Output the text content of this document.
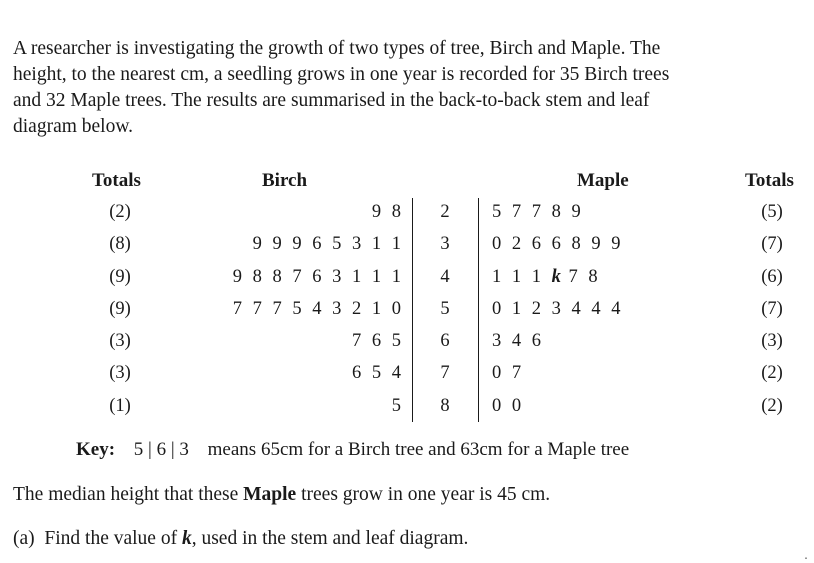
A researcher is investigating the growth of two types of tree, Birch and Maple. The
height, to the nearest cm, a seedling grows in one year is recorded for 35 Birch trees
and 32 Maple trees. The results are summarised in the back-to-back stem and leaf
diagram below.
Totals	Birch	Maple	Totals
(2)	9 8	2	5 7 7 8 9	(5)
(8)	9 9 9 6 5 3 1 1	3	0 2 6 6 8 9 9	(7)
(9)	9 8 8 7 6 3 1 1 1	4	1 1 1 k 7 8	(6)
(9)	7 7 7 5 4 3 2 1 0	5	0 1 2 3 4 4 4	(7)
(3)	7 6 5	6	3 4 6	(3)
(3)	6 5 4	7	0 7	(2)
(1)	5	8	0 0	(2)
Key: 5 | 6 | 3 means 65cm for a Birch tree and 63cm for a Maple tree
The median height that these Maple trees grow in one year is 45 cm.
(a)  Find the value of k, used in the stem and leaf diagram.
․
